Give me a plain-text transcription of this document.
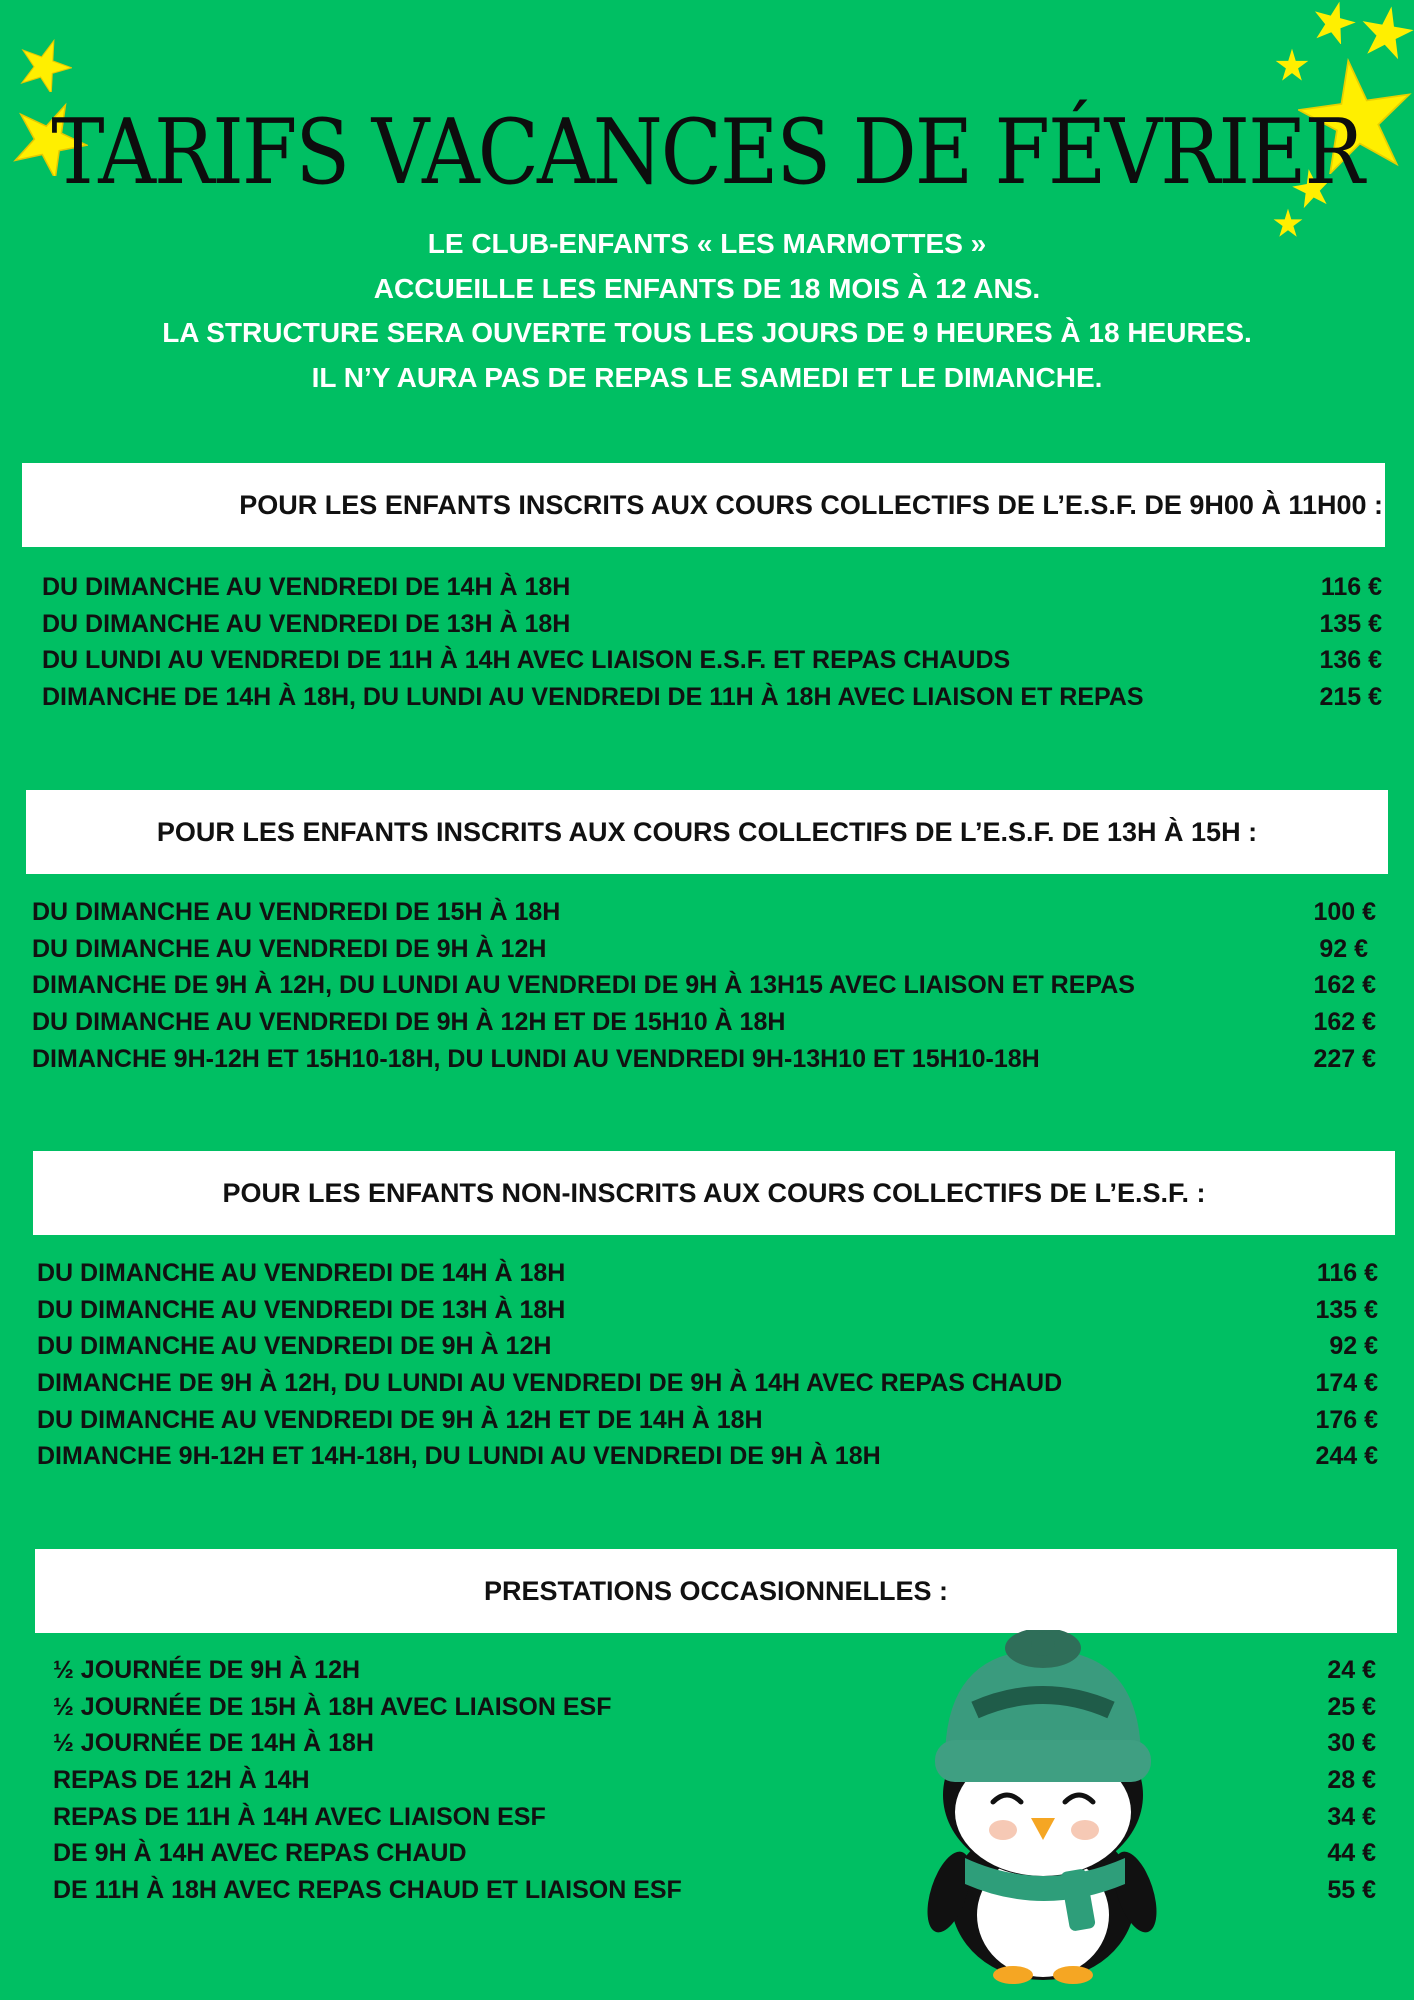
TARIFS VACANCES DE FÉVRIER
LE CLUB-ENFANTS « LES MARMOTTES »
ACCUEILLE LES ENFANTS DE 18 MOIS À 12 ANS.
LA STRUCTURE SERA OUVERTE TOUS LES JOURS DE 9 HEURES À 18 HEURES.
IL N’Y AURA PAS DE REPAS LE SAMEDI ET LE DIMANCHE.
POUR LES ENFANTS INSCRITS AUX COURS COLLECTIFS DE L’E.S.F. DE 9H00 À 11H00 :
DU DIMANCHE AU VENDREDI DE 14H À 18H	116 €
DU DIMANCHE AU VENDREDI DE 13H À 18H	135 €
DU LUNDI AU VENDREDI DE 11H À 14H AVEC LIAISON E.S.F. ET REPAS CHAUDS	136 €
DIMANCHE DE 14H À 18H, DU LUNDI AU VENDREDI DE 11H À 18H AVEC LIAISON ET REPAS	215 €
POUR LES ENFANTS INSCRITS AUX COURS COLLECTIFS DE L’E.S.F. DE 13H À 15H :
DU DIMANCHE AU VENDREDI DE 15H À 18H	100 €
DU DIMANCHE AU VENDREDI DE 9H À 12H	92 €
DIMANCHE DE 9H À 12H, DU LUNDI AU VENDREDI DE 9H À 13H15 AVEC LIAISON ET REPAS	162 €
DU DIMANCHE AU VENDREDI DE 9H À 12H ET DE 15H10 À 18H	162 €
DIMANCHE 9H-12H ET 15H10-18H, DU LUNDI AU VENDREDI 9H-13H10 ET 15H10-18H	227 €
POUR LES ENFANTS NON-INSCRITS AUX COURS COLLECTIFS DE L’E.S.F. :
DU DIMANCHE AU VENDREDI DE 14H À 18H	116 €
DU DIMANCHE AU VENDREDI DE 13H À 18H	135 €
DU DIMANCHE AU VENDREDI DE 9H À 12H	92 €
DIMANCHE DE 9H À 12H, DU LUNDI AU VENDREDI DE 9H À 14H AVEC REPAS CHAUD	174 €
DU DIMANCHE AU VENDREDI DE 9H À 12H ET DE 14H À 18H	176 €
DIMANCHE 9H-12H ET 14H-18H, DU LUNDI AU VENDREDI DE 9H À 18H	244 €
PRESTATIONS OCCASIONNELLES :
½ JOURNÉE DE 9H À 12H	24 €
½ JOURNÉE DE 15H À 18H AVEC LIAISON ESF	25 €
½ JOURNÉE DE 14H À 18H	30 €
REPAS DE 12H À 14H	28 €
REPAS DE 11H À 14H AVEC LIAISON ESF	34 €
DE 9H À 14H AVEC REPAS CHAUD	44 €
DE 11H À 18H AVEC REPAS CHAUD ET LIAISON ESF	55 €
